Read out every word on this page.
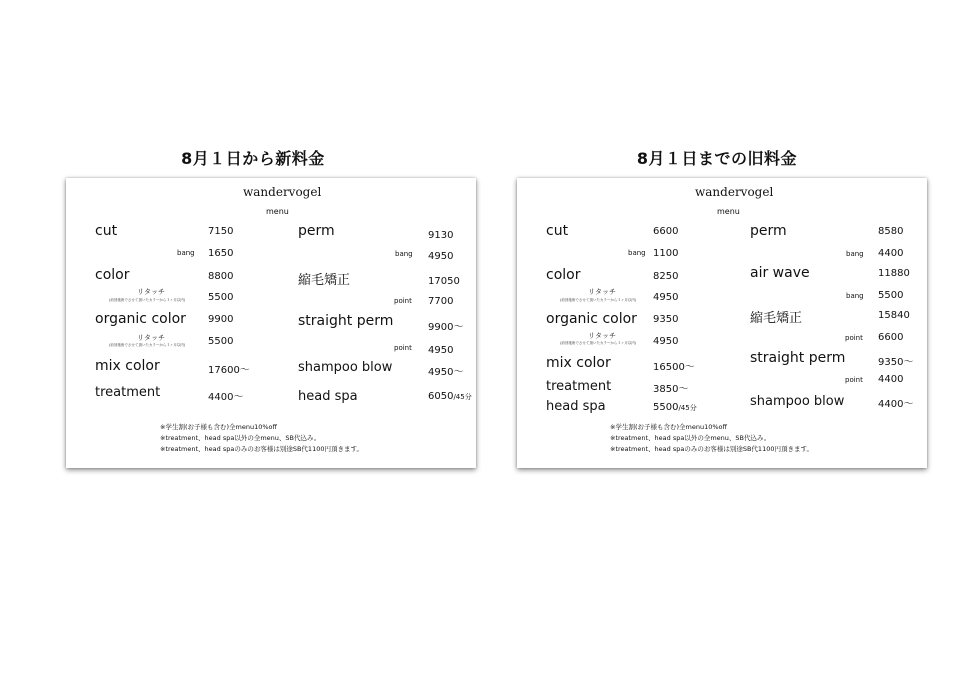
8月１日から新料金	8月１日までの旧料金
wandervogel
menu
cut	7150
bang 1650
color	8800
リタッチ
(前回施術でさせて頂いたカラーから１ヶ月以内) 5500
organic color 9900
リタッチ
(前回施術でさせて頂いたカラーから１ヶ月以内) 5500
mix color	17600〜
treatment	4400〜
perm	9130
bang 4950
縮毛矯正	17050
point 7700
straight perm	9900〜
point 4950
shampoo blow	4950〜
head spa	6050/45分
※学生割(お子様も含む)全menu10%off
※treatment、head spa以外の全menu、SB代込み。
※treatment、head spaのみのお客様は別途SB代1100円頂きます。
wandervogel
menu
cut	6600
bang 1100
color	8250
リタッチ
(前回施術でさせて頂いたカラーから１ヶ月以内) 4950
organic color 9350
リタッチ
(前回施術でさせて頂いたカラーから１ヶ月以内) 4950
mix color	16500〜
treatment	3850〜
head spa	5500/45分
perm	8580
bang 4400
air wave	11880
bang 5500
縮毛矯正	15840
point 6600
straight perm	9350〜
point 4400
shampoo blow	4400〜
※学生割(お子様も含む)全menu10%off
※treatment、head spa以外の全menu、SB代込み。
※treatment、head spaのみのお客様は別途SB代1100円頂きます。
